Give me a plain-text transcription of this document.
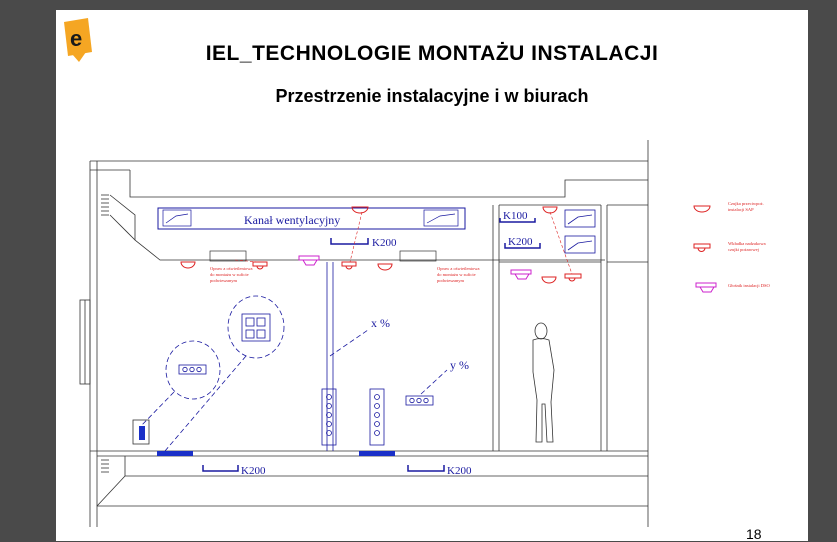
IEL_TECHNOLOGIE MONTAŻU INSTALACJI
Przestrzenie instalacyjne i w biurach
18
e
Kanał wentylacyjny
K200
K100
K200
K200	K200
Opraw a oświetleniowa
do montażu w suficie
podwieszanym
Opraw a oświetleniowa
do montażu w suficie
podwieszanym
x %
y %
Czujka przeciwpoż.
instalacji SAP
Wkładka nadzakowa
czujki pożarowej
Głośnik instalacji DSO
